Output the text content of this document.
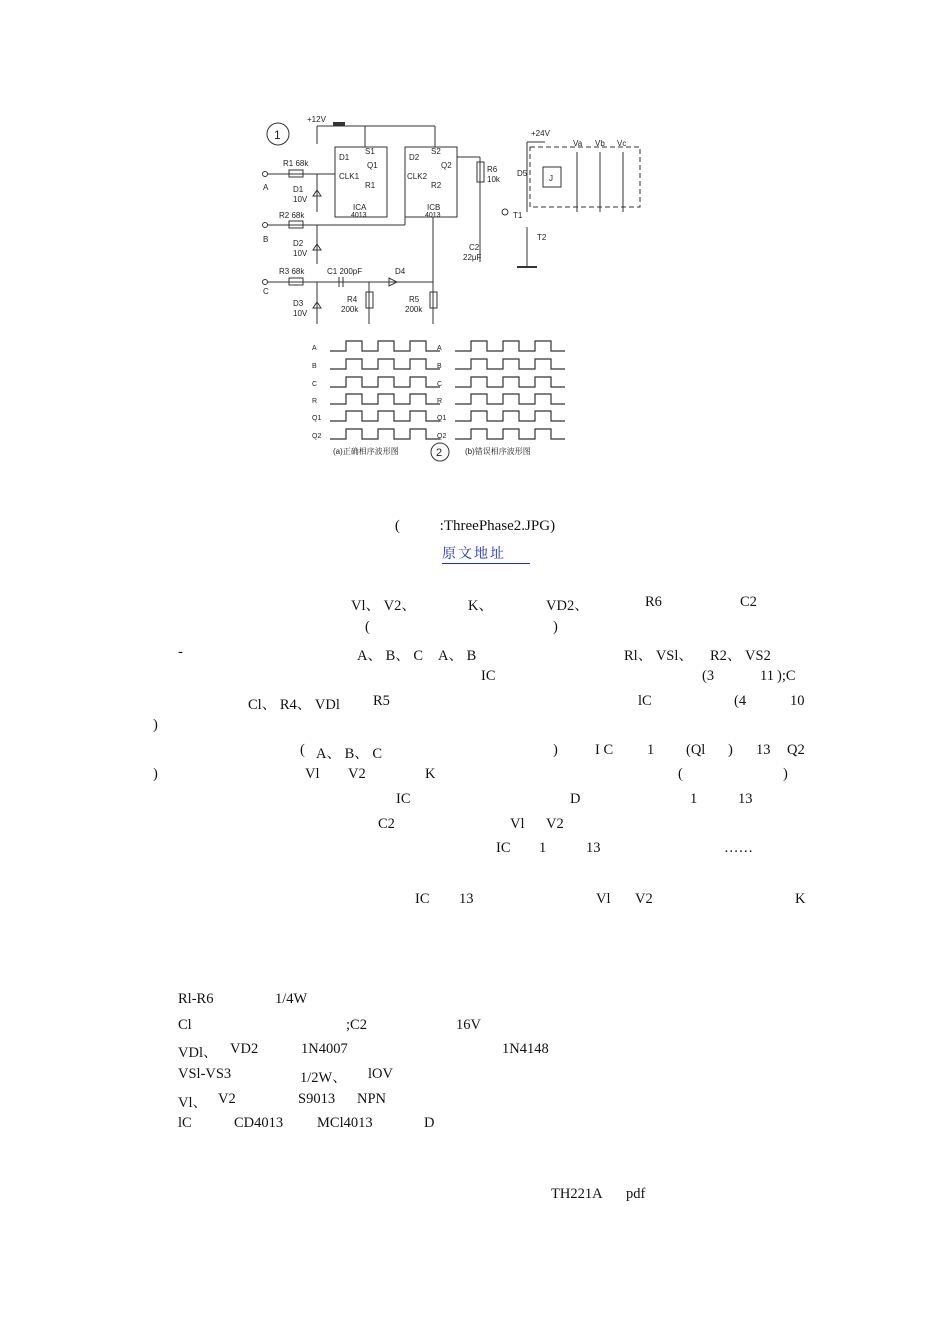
1
+12V
D1
S1
Q1
CLK1
R1
ICA
4013
D2
S2
Q2
CLK2
R2
ICB
4013
A
R1 68k
D1
10V
B
R2 68k
D2
10V
C
R3 68k	C1 200pF	D4
D3
10V
R4
200k
R5
200k
R6
10k
C2
22μF
+24V
D5
T1
T2
J
Va Vb Vc
A	A
B	B
C	C
R	R
Q1	Q1
Q2	Q2
2
(a)正确相序波形图	(b)错误相序波形图
( :ThreePhase2.JPG)
原文地址
Vl、 V2、	K、	VD2、	R6	C2
(	)
-	A、 B、 C A、 B	Rl、 VSl、 R2、 VS2
IC	(3	11 );C
Cl、 R4、 VDl R5	lC	(4	10
)
( A、 B、 C	)	I C 1 (Ql ) 13 Q2
)	Vl V2	K	(	)
IC	D	1	13
C2	Vl V2
IC 1	13	……
IC 13	Vl V2	K
Rl-R6	1/4W
Cl	;C2	16V
VDl、 VD2	1N4007	1N4148
VSl-VS3	1/2W、 lOV
Vl、 V2	S9013 NPN
lC	CD4013 MCl4013	D

TH221A

pdf
